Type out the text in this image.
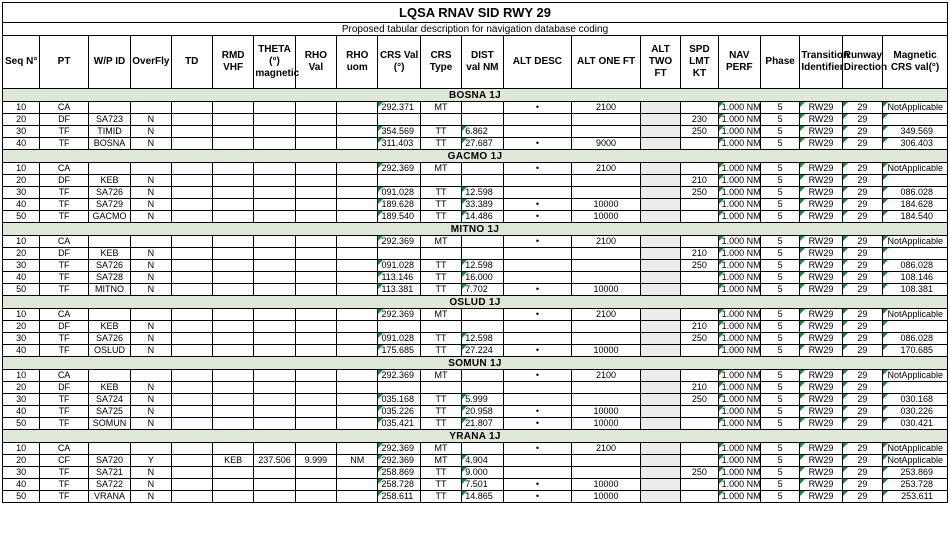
LQSA RNAV SID RWY 29																				
Proposed tabular description for navigation database coding																				
Seq N°	PT	W/P ID	OverFly	TD	RMD VHF	THETA (°) magnetic	RHO Val	RHO uom	CRS Val (°)	CRS Type	DIST val NM	ALT DESC	ALT ONE FT	ALT TWO FT	SPD LMT KT	NAV PERF	Phase	Transition Identifier	Runway Direction	Magnetic CRS val(°)
BOSNA 1J																				
10	CA								292.371	MT		•	2100			1.000 NM	5	RW29	29	NotApplicable
20	DF	SA723	N												230	1.000 NM	5	RW29	29	
30	TF	TIMID	N						354.569	TT	6.862				250	1.000 NM	5	RW29	29	349.569
40	TF	BOSNA	N						311.403	TT	27.687	•	9000			1.000 NM	5	RW29	29	306.403
GACMO 1J																				
10	CA								292.369	MT		•	2100			1.000 NM	5	RW29	29	NotApplicable
20	DF	KEB	N												210	1.000 NM	5	RW29	29	
30	TF	SA726	N						091.028	TT	12.598				250	1.000 NM	5	RW29	29	086.028
40	TF	SA729	N						189.628	TT	33.389	•	10000			1.000 NM	5	RW29	29	184.628
50	TF	GACMO	N						189.540	TT	14.486	•	10000			1.000 NM	5	RW29	29	184.540
MITNO 1J																				
10	CA								292.369	MT		•	2100			1.000 NM	5	RW29	29	NotApplicable
20	DF	KEB	N												210	1.000 NM	5	RW29	29	
30	TF	SA726	N						091.028	TT	12.598				250	1.000 NM	5	RW29	29	086.028
40	TF	SA728	N						113.146	TT	16.000					1.000 NM	5	RW29	29	108.146
50	TF	MITNO	N						113.381	TT	7.702	•	10000			1.000 NM	5	RW29	29	108.381
OSLUD 1J																				
10	CA								292.369	MT		•	2100			1.000 NM	5	RW29	29	NotApplicable
20	DF	KEB	N												210	1.000 NM	5	RW29	29	
30	TF	SA726	N						091.028	TT	12.598				250	1.000 NM	5	RW29	29	086.028
40	TF	OSLUD	N						175.685	TT	27.224	•	10000			1.000 NM	5	RW29	29	170.685
SOMUN 1J																				
10	CA								292.369	MT		•	2100			1.000 NM	5	RW29	29	NotApplicable
20	DF	KEB	N												210	1.000 NM	5	RW29	29	
30	TF	SA724	N						035.168	TT	5.999				250	1.000 NM	5	RW29	29	030.168
40	TF	SA725	N						035.226	TT	20.958	•	10000			1.000 NM	5	RW29	29	030.226
50	TF	SOMUN	N						035.421	TT	21.807	•	10000			1.000 NM	5	RW29	29	030.421
YRANA 1J																				
10	CA								292.369	MT		•	2100			1.000 NM	5	RW29	29	NotApplicable
20	CF	SA720	Y		KEB	237.506	9.999	NM	292.369	MT	4.904					1.000 NM	5	RW29	29	NotApplicable
30	TF	SA721	N						258.869	TT	9.000				250	1.000 NM	5	RW29	29	253.869
40	TF	SA722	N						258.728	TT	7.501	•	10000			1.000 NM	5	RW29	29	253.728
50	TF	VRANA	N						258.611	TT	14.865	•	10000			1.000 NM	5	RW29	29	253.611
